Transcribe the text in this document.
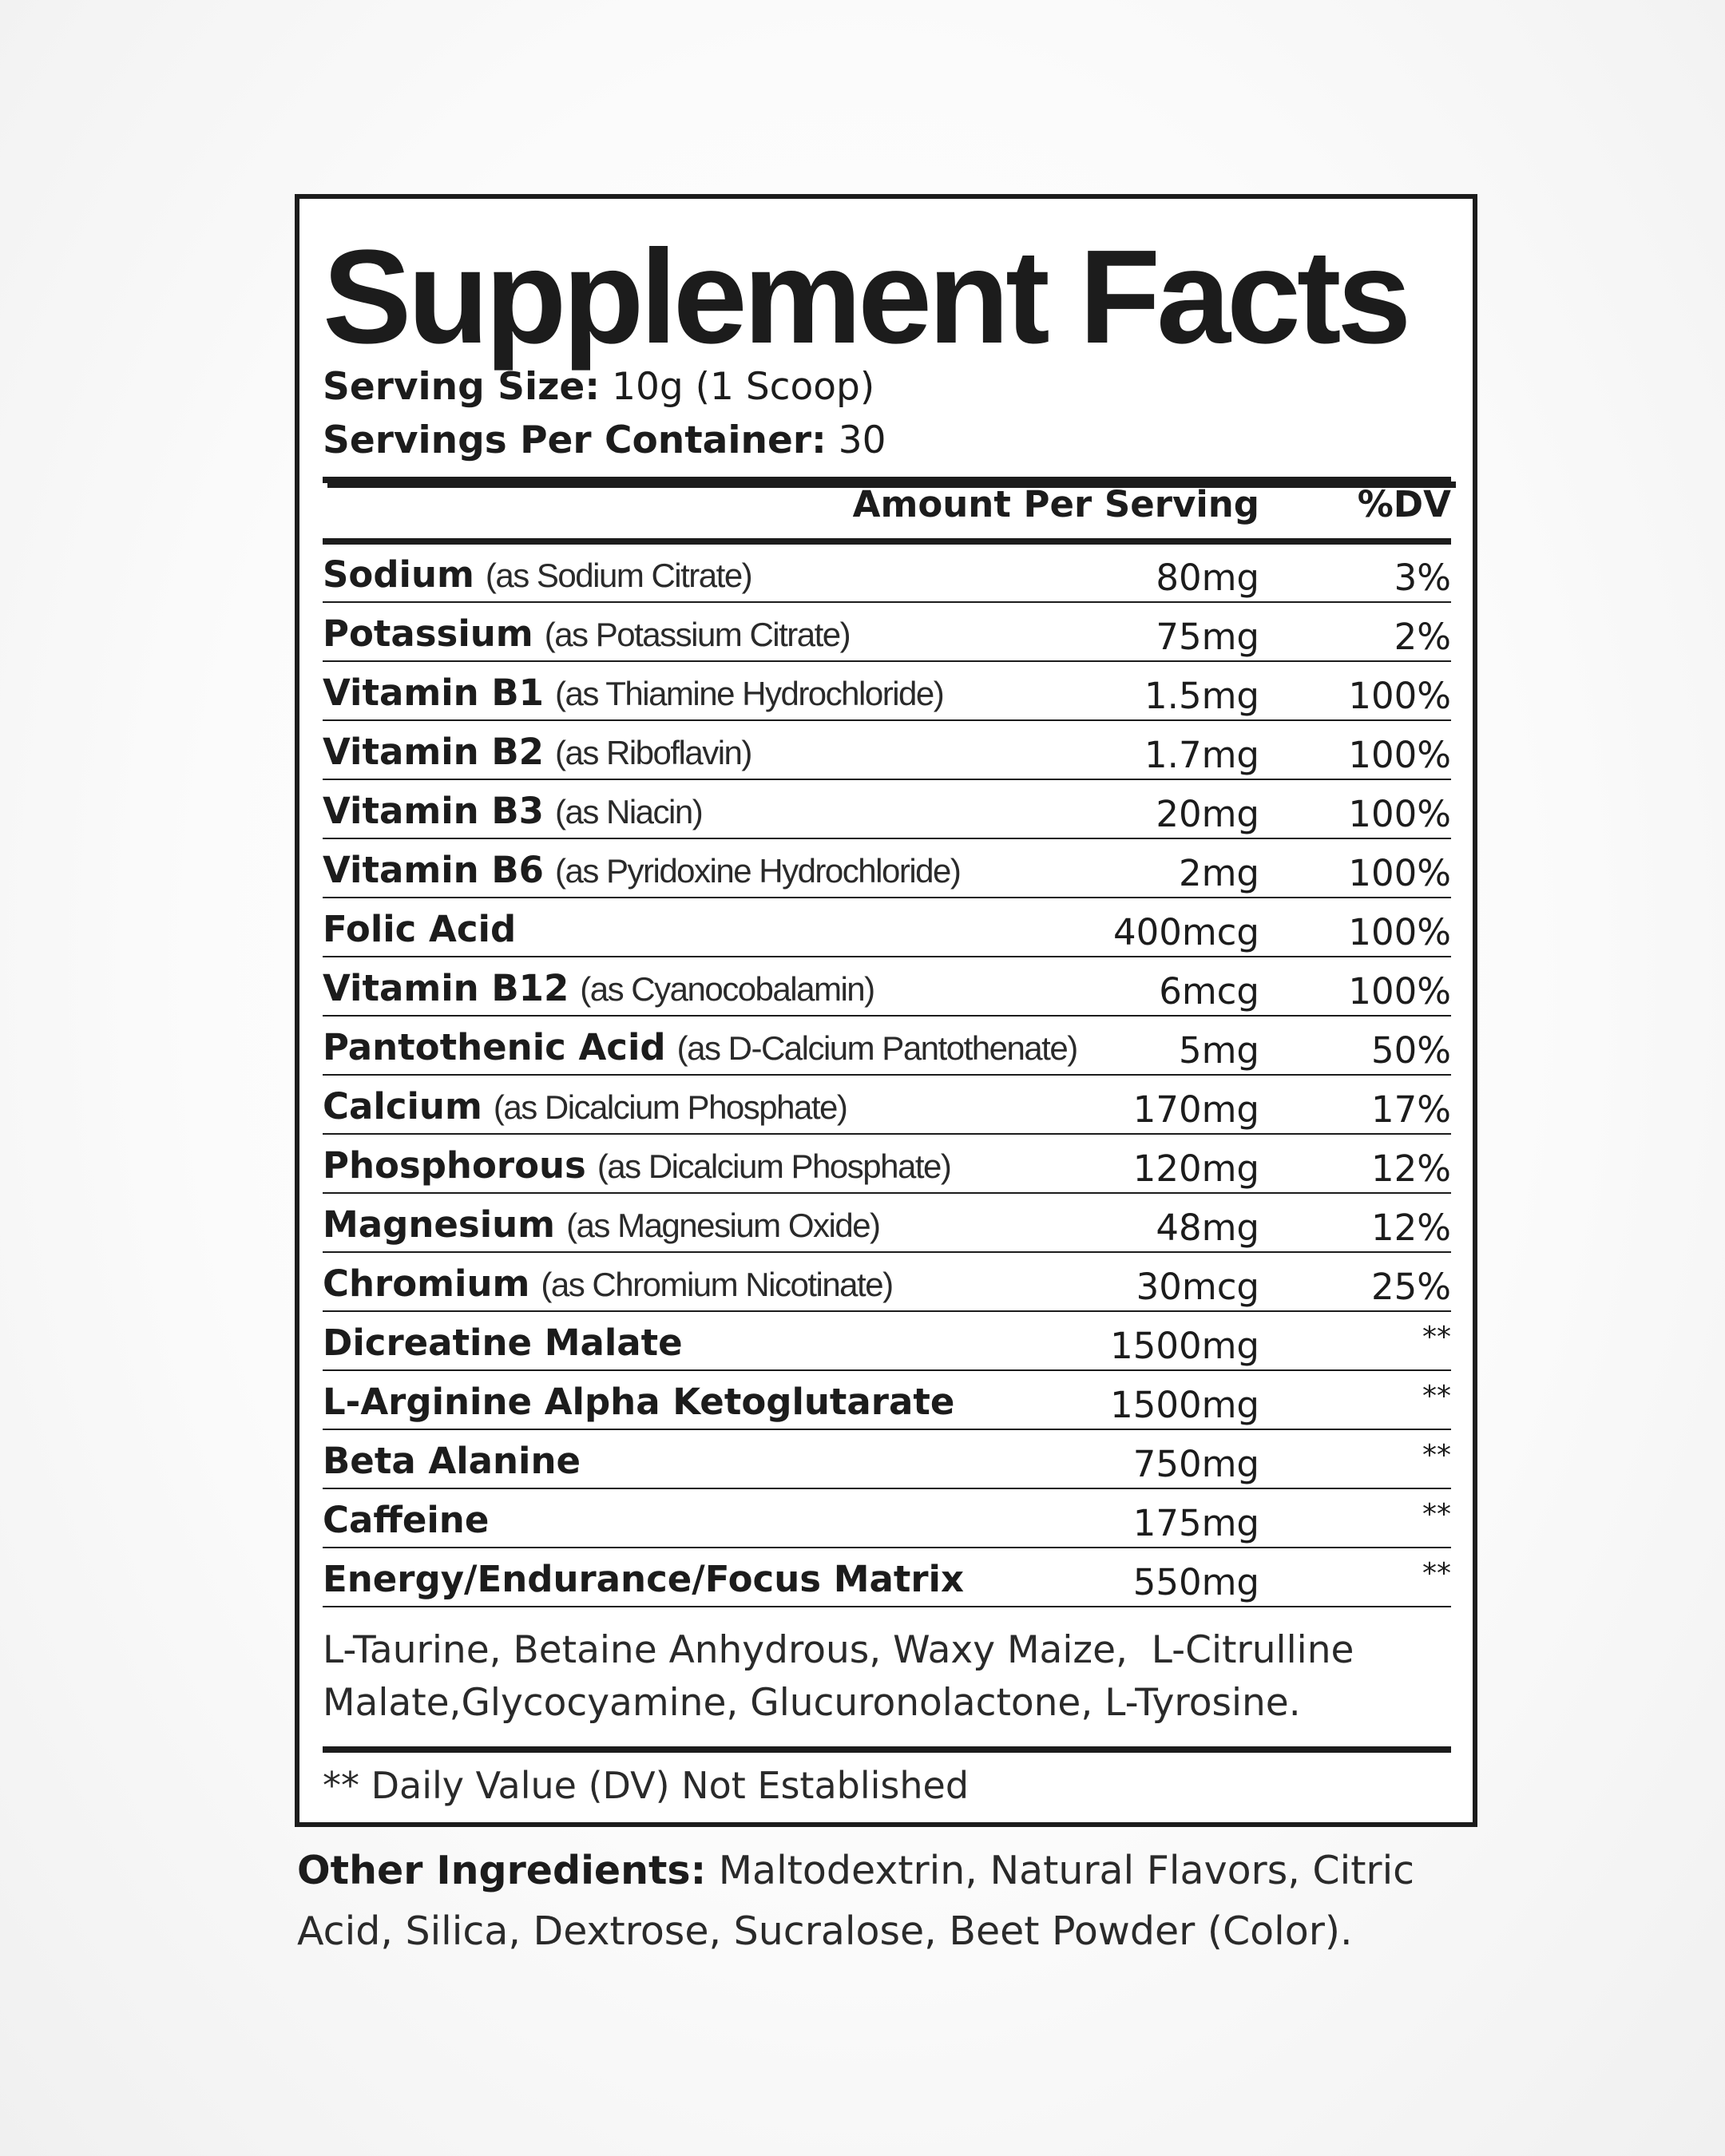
Supplement Facts
Serving Size: 10g (1 Scoop)
Servings Per Container: 30
Amount Per Serving	%DV
Sodium (as Sodium Citrate)	80mg	3%
Potassium (as Potassium Citrate)	75mg	2%
Vitamin B1 (as Thiamine Hydrochloride)	1.5mg 100%
Vitamin B2 (as Riboflavin)	1.7mg 100%
Vitamin B3 (as Niacin)	20mg 100%
Vitamin B6 (as Pyridoxine Hydrochloride)	2mg 100%
Folic Acid	400mcg 100%
Vitamin B12 (as Cyanocobalamin)	6mcg 100%
Pantothenic Acid (as D-Calcium Pantothenate)	5mg	50%
Calcium (as Dicalcium Phosphate)	170mg	17%
Phosphorous (as Dicalcium Phosphate)	120mg	12%
Magnesium (as Magnesium Oxide)	48mg	12%
Chromium (as Chromium Nicotinate)	30mcg	25%
Dicreatine Malate	1500mg	**
L-Arginine Alpha Ketoglutarate	1500mg	**
Beta Alanine	750mg	**
Caffeine	175mg	**
Energy/Endurance/Focus Matrix	550mg	**
L-Taurine, Betaine Anhydrous, Waxy Maize,  L-Citrulline
Malate,Glycocyamine, Glucuronolactone, L-Tyrosine.
** Daily Value (DV) Not Established
Other Ingredients: Maltodextrin, Natural Flavors, Citric Acid, Silica, Dextrose, Sucralose, Beet Powder (Color).
